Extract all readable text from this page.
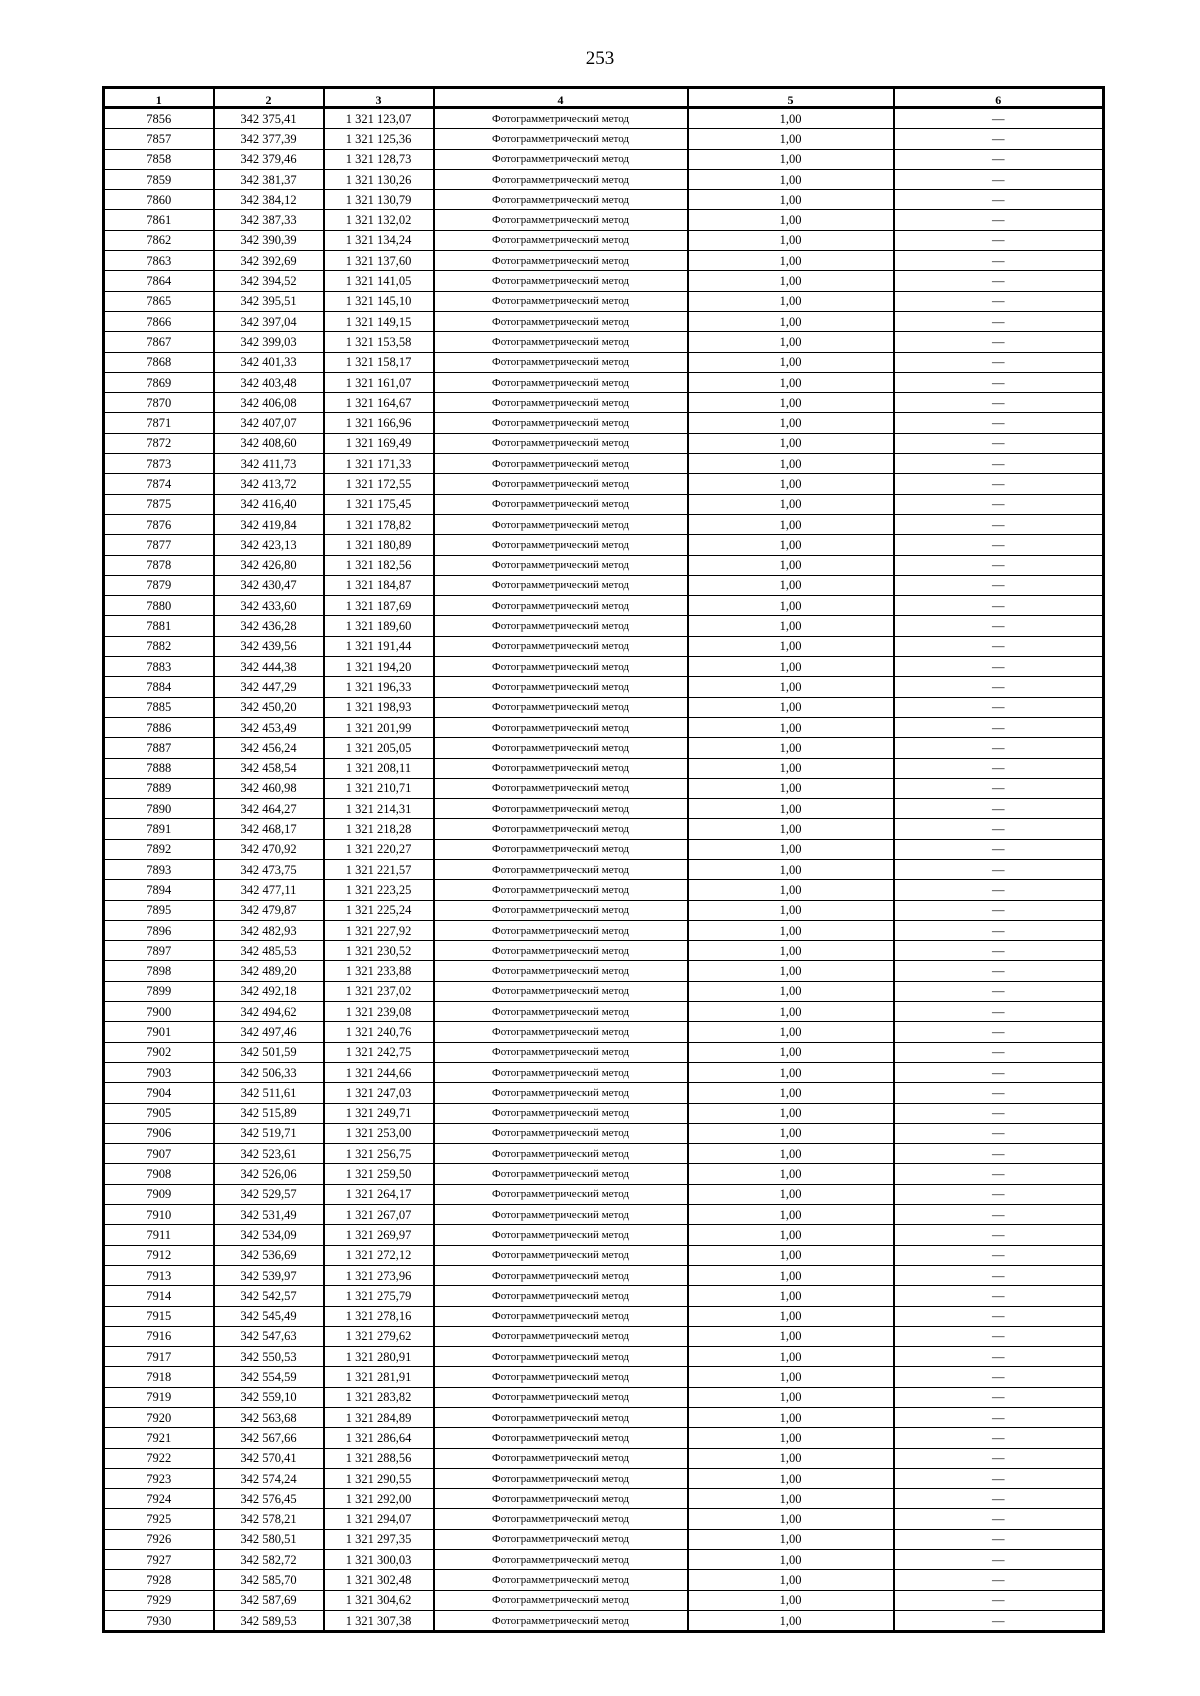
253
1	2	3	4	5	6
7856	342 375,41	1 321 123,07	Фотограмметрический метод	1,00	—
7857	342 377,39	1 321 125,36	Фотограмметрический метод	1,00	—
7858	342 379,46	1 321 128,73	Фотограмметрический метод	1,00	—
7859	342 381,37	1 321 130,26	Фотограмметрический метод	1,00	—
7860	342 384,12	1 321 130,79	Фотограмметрический метод	1,00	—
7861	342 387,33	1 321 132,02	Фотограмметрический метод	1,00	—
7862	342 390,39	1 321 134,24	Фотограмметрический метод	1,00	—
7863	342 392,69	1 321 137,60	Фотограмметрический метод	1,00	—
7864	342 394,52	1 321 141,05	Фотограмметрический метод	1,00	—
7865	342 395,51	1 321 145,10	Фотограмметрический метод	1,00	—
7866	342 397,04	1 321 149,15	Фотограмметрический метод	1,00	—
7867	342 399,03	1 321 153,58	Фотограмметрический метод	1,00	—
7868	342 401,33	1 321 158,17	Фотограмметрический метод	1,00	—
7869	342 403,48	1 321 161,07	Фотограмметрический метод	1,00	—
7870	342 406,08	1 321 164,67	Фотограмметрический метод	1,00	—
7871	342 407,07	1 321 166,96	Фотограмметрический метод	1,00	—
7872	342 408,60	1 321 169,49	Фотограмметрический метод	1,00	—
7873	342 411,73	1 321 171,33	Фотограмметрический метод	1,00	—
7874	342 413,72	1 321 172,55	Фотограмметрический метод	1,00	—
7875	342 416,40	1 321 175,45	Фотограмметрический метод	1,00	—
7876	342 419,84	1 321 178,82	Фотограмметрический метод	1,00	—
7877	342 423,13	1 321 180,89	Фотограмметрический метод	1,00	—
7878	342 426,80	1 321 182,56	Фотограмметрический метод	1,00	—
7879	342 430,47	1 321 184,87	Фотограмметрический метод	1,00	—
7880	342 433,60	1 321 187,69	Фотограмметрический метод	1,00	—
7881	342 436,28	1 321 189,60	Фотограмметрический метод	1,00	—
7882	342 439,56	1 321 191,44	Фотограмметрический метод	1,00	—
7883	342 444,38	1 321 194,20	Фотограмметрический метод	1,00	—
7884	342 447,29	1 321 196,33	Фотограмметрический метод	1,00	—
7885	342 450,20	1 321 198,93	Фотограмметрический метод	1,00	—
7886	342 453,49	1 321 201,99	Фотограмметрический метод	1,00	—
7887	342 456,24	1 321 205,05	Фотограмметрический метод	1,00	—
7888	342 458,54	1 321 208,11	Фотограмметрический метод	1,00	—
7889	342 460,98	1 321 210,71	Фотограмметрический метод	1,00	—
7890	342 464,27	1 321 214,31	Фотограмметрический метод	1,00	—
7891	342 468,17	1 321 218,28	Фотограмметрический метод	1,00	—
7892	342 470,92	1 321 220,27	Фотограмметрический метод	1,00	—
7893	342 473,75	1 321 221,57	Фотограмметрический метод	1,00	—
7894	342 477,11	1 321 223,25	Фотограмметрический метод	1,00	—
7895	342 479,87	1 321 225,24	Фотограмметрический метод	1,00	—
7896	342 482,93	1 321 227,92	Фотограмметрический метод	1,00	—
7897	342 485,53	1 321 230,52	Фотограмметрический метод	1,00	—
7898	342 489,20	1 321 233,88	Фотограмметрический метод	1,00	—
7899	342 492,18	1 321 237,02	Фотограмметрический метод	1,00	—
7900	342 494,62	1 321 239,08	Фотограмметрический метод	1,00	—
7901	342 497,46	1 321 240,76	Фотограмметрический метод	1,00	—
7902	342 501,59	1 321 242,75	Фотограмметрический метод	1,00	—
7903	342 506,33	1 321 244,66	Фотограмметрический метод	1,00	—
7904	342 511,61	1 321 247,03	Фотограмметрический метод	1,00	—
7905	342 515,89	1 321 249,71	Фотограмметрический метод	1,00	—
7906	342 519,71	1 321 253,00	Фотограмметрический метод	1,00	—
7907	342 523,61	1 321 256,75	Фотограмметрический метод	1,00	—
7908	342 526,06	1 321 259,50	Фотограмметрический метод	1,00	—
7909	342 529,57	1 321 264,17	Фотограмметрический метод	1,00	—
7910	342 531,49	1 321 267,07	Фотограмметрический метод	1,00	—
7911	342 534,09	1 321 269,97	Фотограмметрический метод	1,00	—
7912	342 536,69	1 321 272,12	Фотограмметрический метод	1,00	—
7913	342 539,97	1 321 273,96	Фотограмметрический метод	1,00	—
7914	342 542,57	1 321 275,79	Фотограмметрический метод	1,00	—
7915	342 545,49	1 321 278,16	Фотограмметрический метод	1,00	—
7916	342 547,63	1 321 279,62	Фотограмметрический метод	1,00	—
7917	342 550,53	1 321 280,91	Фотограмметрический метод	1,00	—
7918	342 554,59	1 321 281,91	Фотограмметрический метод	1,00	—
7919	342 559,10	1 321 283,82	Фотограмметрический метод	1,00	—
7920	342 563,68	1 321 284,89	Фотограмметрический метод	1,00	—
7921	342 567,66	1 321 286,64	Фотограмметрический метод	1,00	—
7922	342 570,41	1 321 288,56	Фотограмметрический метод	1,00	—
7923	342 574,24	1 321 290,55	Фотограмметрический метод	1,00	—
7924	342 576,45	1 321 292,00	Фотограмметрический метод	1,00	—
7925	342 578,21	1 321 294,07	Фотограмметрический метод	1,00	—
7926	342 580,51	1 321 297,35	Фотограмметрический метод	1,00	—
7927	342 582,72	1 321 300,03	Фотограмметрический метод	1,00	—
7928	342 585,70	1 321 302,48	Фотограмметрический метод	1,00	—
7929	342 587,69	1 321 304,62	Фотограмметрический метод	1,00	—
7930	342 589,53	1 321 307,38	Фотограмметрический метод	1,00	—
